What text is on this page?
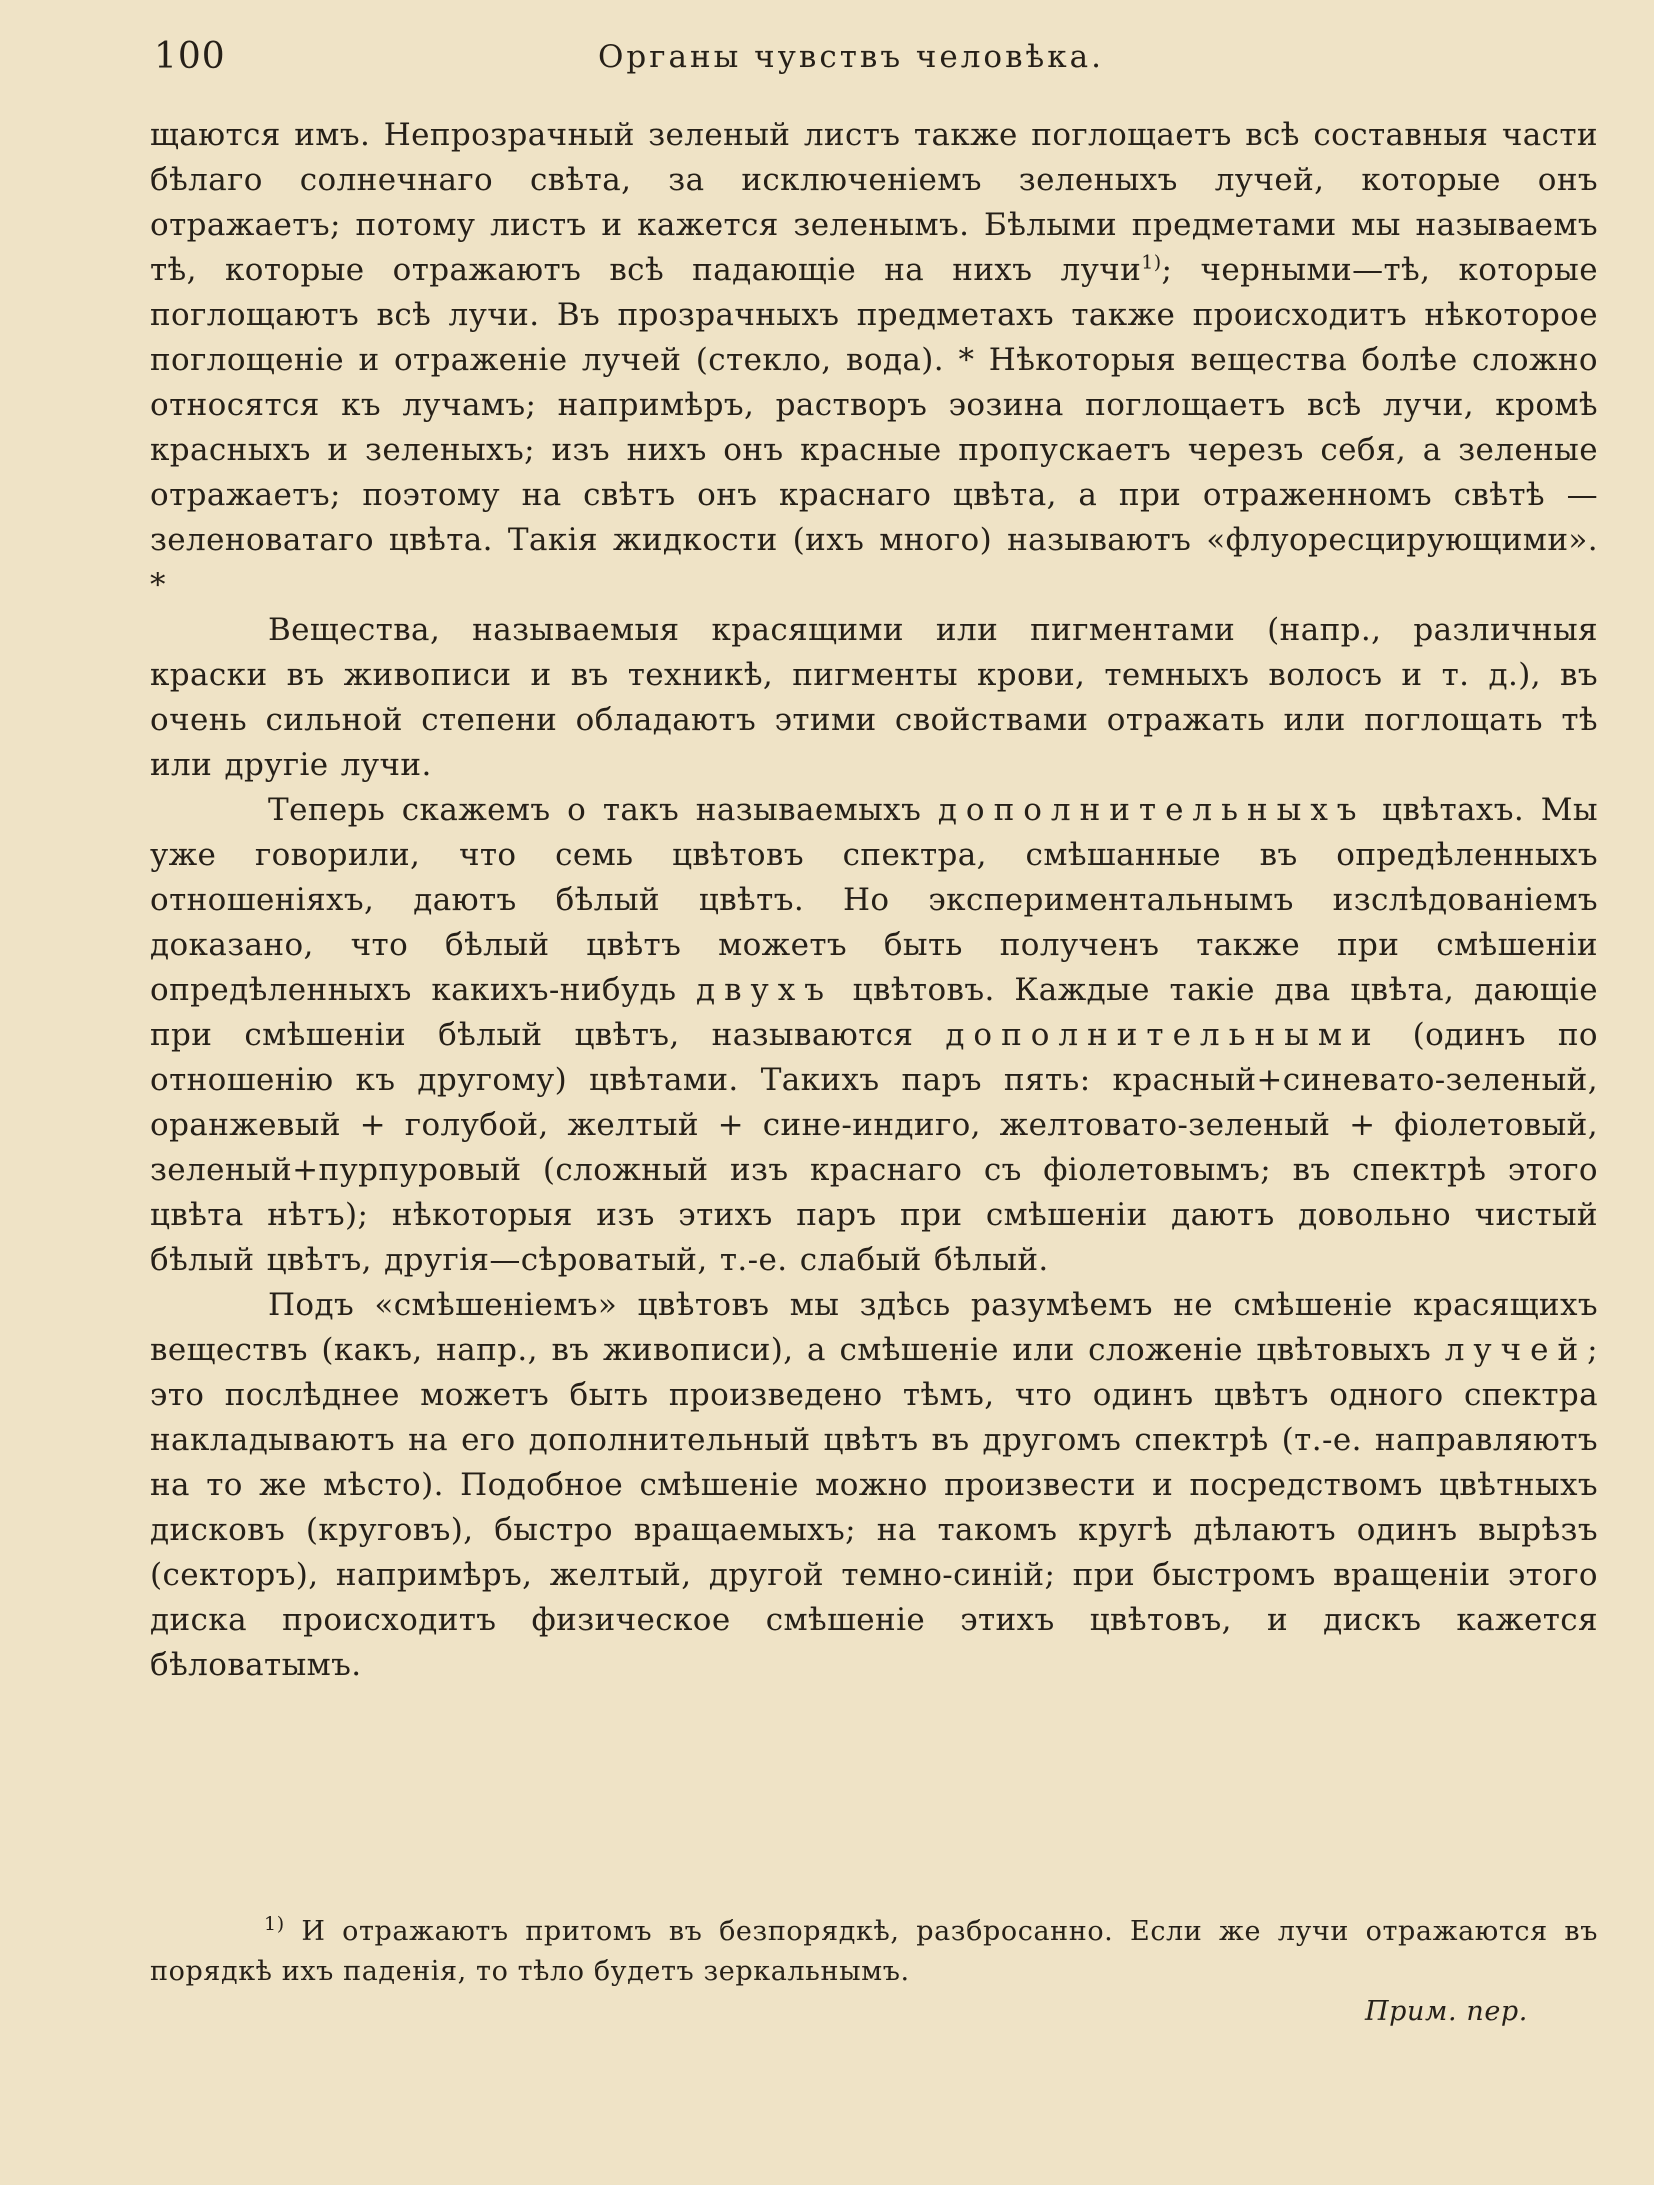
100	Органы чувствъ человѣка.

щаются имъ. Непрозрачный зеленый листъ также поглощаетъ всѣ составныя части бѣлаго солнечнаго свѣта, за исключеніемъ зеленыхъ лучей, которые онъ отражаетъ; потому листъ и кажется зеленымъ. Бѣлыми предметами мы называемъ тѣ, которые отражаютъ всѣ падающіе на нихъ лучи$^{1)}$; черными—тѣ, которые поглощаютъ всѣ лучи. Въ прозрачныхъ предметахъ также происходитъ нѣкоторое поглощеніе и отраженіе лучей (стекло, вода). * Нѣкоторыя вещества болѣе сложно относятся къ лучамъ; напримѣръ, растворъ эозина поглощаетъ всѣ лучи, кромѣ красныхъ и зеленыхъ; изъ нихъ онъ красные пропускаетъ черезъ себя, а зеленые отражаетъ; поэтому на свѣтъ онъ краснаго цвѣта, а при отраженномъ свѣтѣ — зеленоватаго цвѣта. Такія жидкости (ихъ много) называютъ «флуоресцирующими». *

Вещества, называемыя красящими или пигментами (напр., различныя краски въ живописи и въ техникѣ, пигменты крови, темныхъ волосъ и т. д.), въ очень сильной степени обладаютъ этими свойствами отражать или поглощать тѣ или другіе лучи.

Теперь скажемъ о такъ называемыхъ дополнительныхъ цвѣтахъ. Мы уже говорили, что семь цвѣтовъ спектра, смѣшанные въ опредѣленныхъ отношеніяхъ, даютъ бѣлый цвѣтъ. Но экспериментальнымъ изслѣдованіемъ доказано, что бѣлый цвѣтъ можетъ быть полученъ также при смѣшеніи опредѣленныхъ какихъ-нибудь двухъ цвѣтовъ. Каждые такіе два цвѣта, дающіе при смѣшеніи бѣлый цвѣтъ, называются дополнительными (одинъ по отношенію къ другому) цвѣтами. Такихъ паръ пять: красный+синевато-зеленый, оранжевый + голубой, желтый + сине-индиго, желтовато-зеленый + фіолетовый, зеленый+пурпуровый (сложный изъ краснаго съ фіолетовымъ; въ спектрѣ этого цвѣта нѣтъ); нѣкоторыя изъ этихъ паръ при смѣшеніи даютъ довольно чистый бѣлый цвѣтъ, другія—сѣроватый, т.-е. слабый бѣлый.

Подъ «смѣшеніемъ» цвѣтовъ мы здѣсь разумѣемъ не смѣшеніе красящихъ веществъ (какъ, напр., въ живописи), а смѣшеніе или сложеніе цвѣтовыхъ лучей; это послѣднее можетъ быть произведено тѣмъ, что одинъ цвѣтъ одного спектра накладываютъ на его дополнительный цвѣтъ въ другомъ спектрѣ (т.-е. направляютъ на то же мѣсто). Подобное смѣшеніе можно произвести и посредствомъ цвѣтныхъ дисковъ (круговъ), быстро вращаемыхъ; на такомъ кругѣ дѣлаютъ одинъ вырѣзъ (секторъ), напримѣръ, желтый, другой темно-синій; при быстромъ вращеніи этого диска происходитъ физическое смѣшеніе этихъ цвѣтовъ, и дискъ кажется бѣловатымъ.

$^{1)}$ И отражаютъ притомъ въ безпорядкѣ, разбросанно. Если же лучи отражаются въ порядкѣ ихъ паденія, то тѣло будетъ зеркальнымъ.

Прим. пер.
